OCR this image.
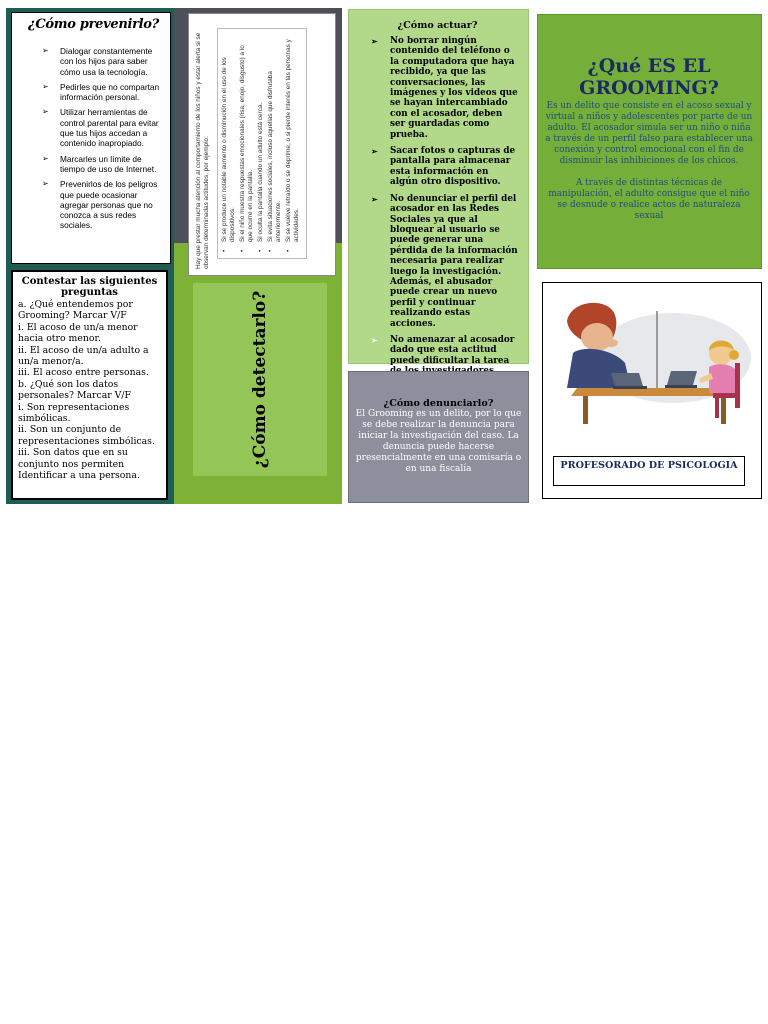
¿Cómo prevenirlo?
➢ Dialogar constantemente con los hijos para saber cómo usa la tecnología.
➢ Pedirles que no compartan información personal.
➢ Utilizar herramientas de control parental para evitar que tus hijos accedan a contenido inapropiado.
➢ Marcarles un límite de tiempo de uso de Internet.
➢ Prevenirlos de los peligros que puede ocasionar agregar personas que no conozca a sus redes sociales.
Contestar las siguientes preguntas
a. ¿Qué entendemos por Grooming? Marcar V/F
i. El acoso de un/a menor hacia otro menor.
ii. El acoso de un/a adulto a un/a menor/a.
iii. El acoso entre personas.
b. ¿Qué son los datos personales? Marcar V/F
i. Son representaciones simbólicas.
ii. Son un conjunto de representaciones simbólicas.
iii. Son datos que en su conjunto nos permiten Identificar a una persona.
Hay que prestar mucha atención al comportamiento de los niños y estar alerta si se observan determinadas actitudes, por ejemplo: •
Si se produce un notable aumento o disminución en el uso de los dispositivos.
•
Si el niño muestra respuestas emocionales (risa, enojo, disgusto) a lo que ocurre en la pantalla.
•
Si oculta la pantalla cuando un adulto está cerca.
•
Si evita situaciones sociales, incluso aquellas que disfrutaba anteriormente.
•
Si se vuelve retraído o se deprime, o si pierde interés en las personas y actividades.
¿Cómo detectarlo?
¿Cómo actuar?
➢ No borrar ningún contenido del teléfono o la computadora que haya recibido, ya que las conversaciones, las imágenes y los videos que se hayan intercambiado con el acosador, deben ser guardadas como prueba.
➢ Sacar fotos o capturas de pantalla para almacenar esta información en algún otro dispositivo.
➢ No denunciar el perfil del acosador en las Redes Sociales ya que al bloquear al usuario se puede generar una pérdida de la información necesaria para realizar luego la investigación. Además, el abusador puede crear un nuevo perfil y continuar realizando estas acciones.
➢ No amenazar al acosador dado que esta actitud puede dificultar la tarea
¿Cómo denunciarlo?
El Grooming es un delito, por lo que se debe realizar la denuncia para iniciar la investigación del caso. La denuncia puede hacerse presencialmente en una comisaría o en una fiscalía
¿Qué ES EL GROOMING?

Es un delito que consiste en el acoso sexual y virtual a niños y adolescentes por parte de un adulto. El acosador simula ser un niño o niña a través de un perfil falso para establecer una conexión y control emocional con el fin de disminuir las inhibiciones de los chicos.

A través de distintas técnicas de manipulación, el adulto consigue que el niño se desnude o realice actos de naturaleza sexual

PROFESORADO DE PSICOLOGIA
